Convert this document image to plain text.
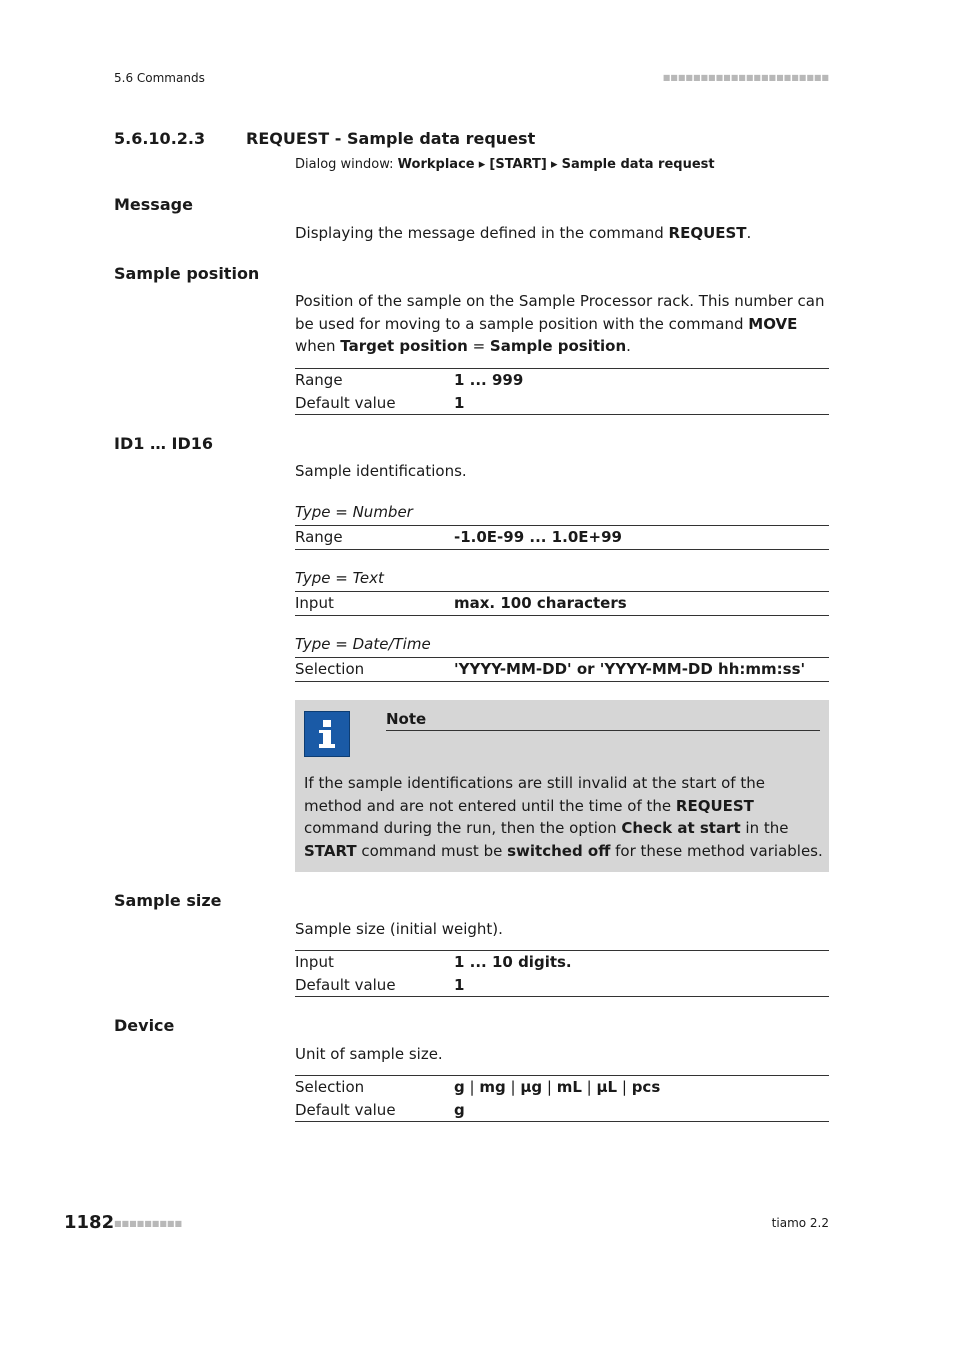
5.6 Commands	■■■■■■■■■■■■■■■■■■■■■■
5.6.10.2.3	REQUEST - Sample data request
Dialog window: Workplace ▸ [START] ▸ Sample data request
Message
Displaying the message defined in the command REQUEST.
Sample position
Position of the sample on the Sample Processor rack. This number can be used for moving to a sample position with the command MOVE when Target position = Sample position.
Range	1 ... 999
Default value	1
ID1 … ID16
Sample identifications.
Type = Number
Range	-1.0E-99 ... 1.0E+99
Type = Text
Input	max. 100 characters
Type = Date/Time
Selection	'YYYY-MM-DD' or 'YYYY-MM-DD hh:mm:ss'
Note
If the sample identifications are still invalid at the start of the method and are not entered until the time of the REQUEST command during the run, then the option Check at start in the START command must be switched off for these method variables.
Sample size
Sample size (initial weight).
Input	1 ... 10 digits.
Default value	1
Device
Unit of sample size.
Selection	g | mg | µg | mL | µL | pcs
Default value	g
1182 ■■■■■■■■■	tiamo 2.2
